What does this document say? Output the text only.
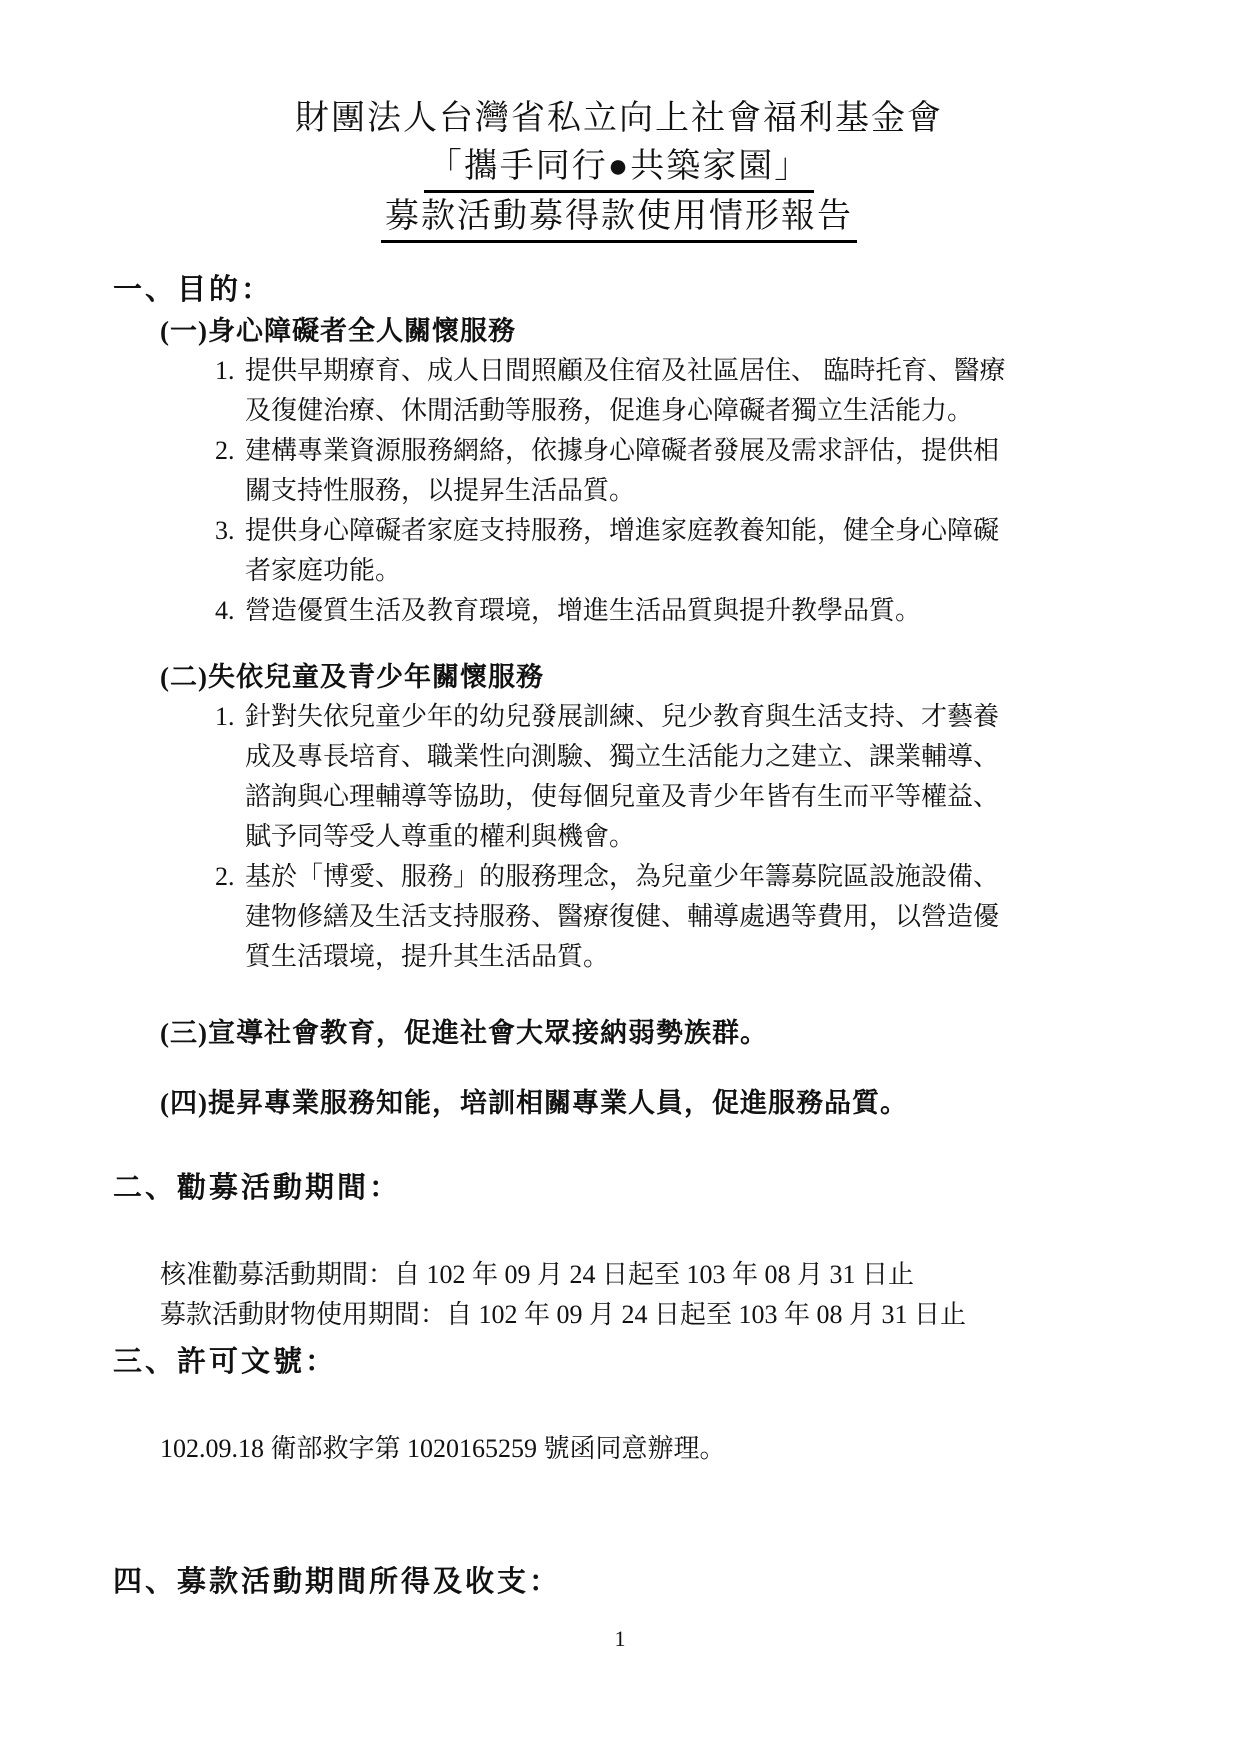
財團法人台灣省私立向上社會福利基金會
「攜手同行●共築家園」
募款活動募得款使用情形報告
一、目的：
(一)身心障礙者全人關懷服務
1. 提供早期療育、成人日間照顧及住宿及社區居住、 臨時托育、醫療及復健治療、休閒活動等服務，促進身心障礙者獨立生活能力。
2. 建構專業資源服務網絡，依據身心障礙者發展及需求評估，提供相關支持性服務，以提昇生活品質。
3. 提供身心障礙者家庭支持服務，增進家庭教養知能，健全身心障礙者家庭功能。
4. 營造優質生活及教育環境，增進生活品質與提升教學品質。
(二)失依兒童及青少年關懷服務
1. 針對失依兒童少年的幼兒發展訓練、兒少教育與生活支持、才藝養成及專長培育、職業性向測驗、獨立生活能力之建立、課業輔導、諮詢與心理輔導等協助，使每個兒童及青少年皆有生而平等權益、賦予同等受人尊重的權利與機會。
2. 基於「博愛、服務」的服務理念，為兒童少年籌募院區設施設備、建物修繕及生活支持服務、醫療復健、輔導處遇等費用，以營造優質生活環境，提升其生活品質。
(三)宣導社會教育，促進社會大眾接納弱勢族群。
(四)提昇專業服務知能，培訓相關專業人員，促進服務品質。
二、勸募活動期間：
核准勸募活動期間：自 102 年 09 月 24 日起至 103 年 08 月 31 日止
募款活動財物使用期間：自 102 年 09 月 24 日起至 103 年 08 月 31 日止
三、許可文號：
102.09.18 衛部救字第 1020165259 號函同意辦理。
四、募款活動期間所得及收支：
1
